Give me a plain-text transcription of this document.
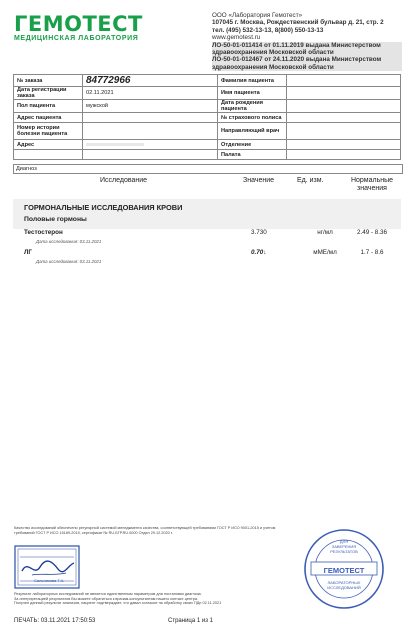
ГЕМОТЕСТ
МЕДИЦИНСКАЯ ЛАБОРАТОРИЯ
ООО «Лаборатория Гемотест»
107045 г. Москва, Рождественский бульвар д. 21, стр. 2
тел. (495) 532-13-13, 8(800) 550-13-13
www.gemotest.ru
ЛО-50-01-011414 от 01.11.2019 выдана Министерством
здравоохранения Московской области
ЛО-50-01-012467 от 24.11.2020 выдана Министерством
здравоохранения Московской области
№ заказа	84772966	Фамилия пациента	
Дата регистрации заказа	02.11.2021	Имя пациента	
Пол пациента	мужской	Дата рождения пациента	
Адрес пациента		№ страхового полиса	
Номер истории болезни пациента		Направляющий врач	
Адрес		Отделение	
		Палата	
Диагноз
Исследование	Значение	Ед. изм.	Нормальные
значения
ГОРМОНАЛЬНЫЕ ИССЛЕДОВАНИЯ КРОВИ
Половые гормоны
Тестостерон
Дата исследования: 03.11.2021
3.730	нг/мл	2.49 - 8.36
ЛГ
Дата исследования: 03.11.2021
0.70↓	мМЕ/мл	1.7 - 8.6
Качество исследований обеспечено регулярной системой менеджмента качества, соответствующей требованиям ГОСТ Р ИСО 9001-2015 и учетом
требований ГОСТ Р ИСО 15189-2015, сертификат № RU.БГР.RU.0000 Отдел 29.12.2020 г.
Сальникова Т.А.
ДЛЯ ЗАВЕРЕНИЯ РЕЗУЛЬТАТОВ
ГЕМОТЕСТ
ЛАБОРАТОРНЫХ ИССЛЕДОВАНИЙ
Результат лабораторных исследований не является единственным параметром для постановки диагноза.
За интерпретацией результатов Вы можете обратиться к врачам-консультантам нашего контакт-центра.
Получен данный результат анализов, пациент подтверждает, что давал согласие на обработку своих ПДн 02.11.2021
ПЕЧАТЬ: 03.11.2021 17:50:53	Страница 1 из 1
